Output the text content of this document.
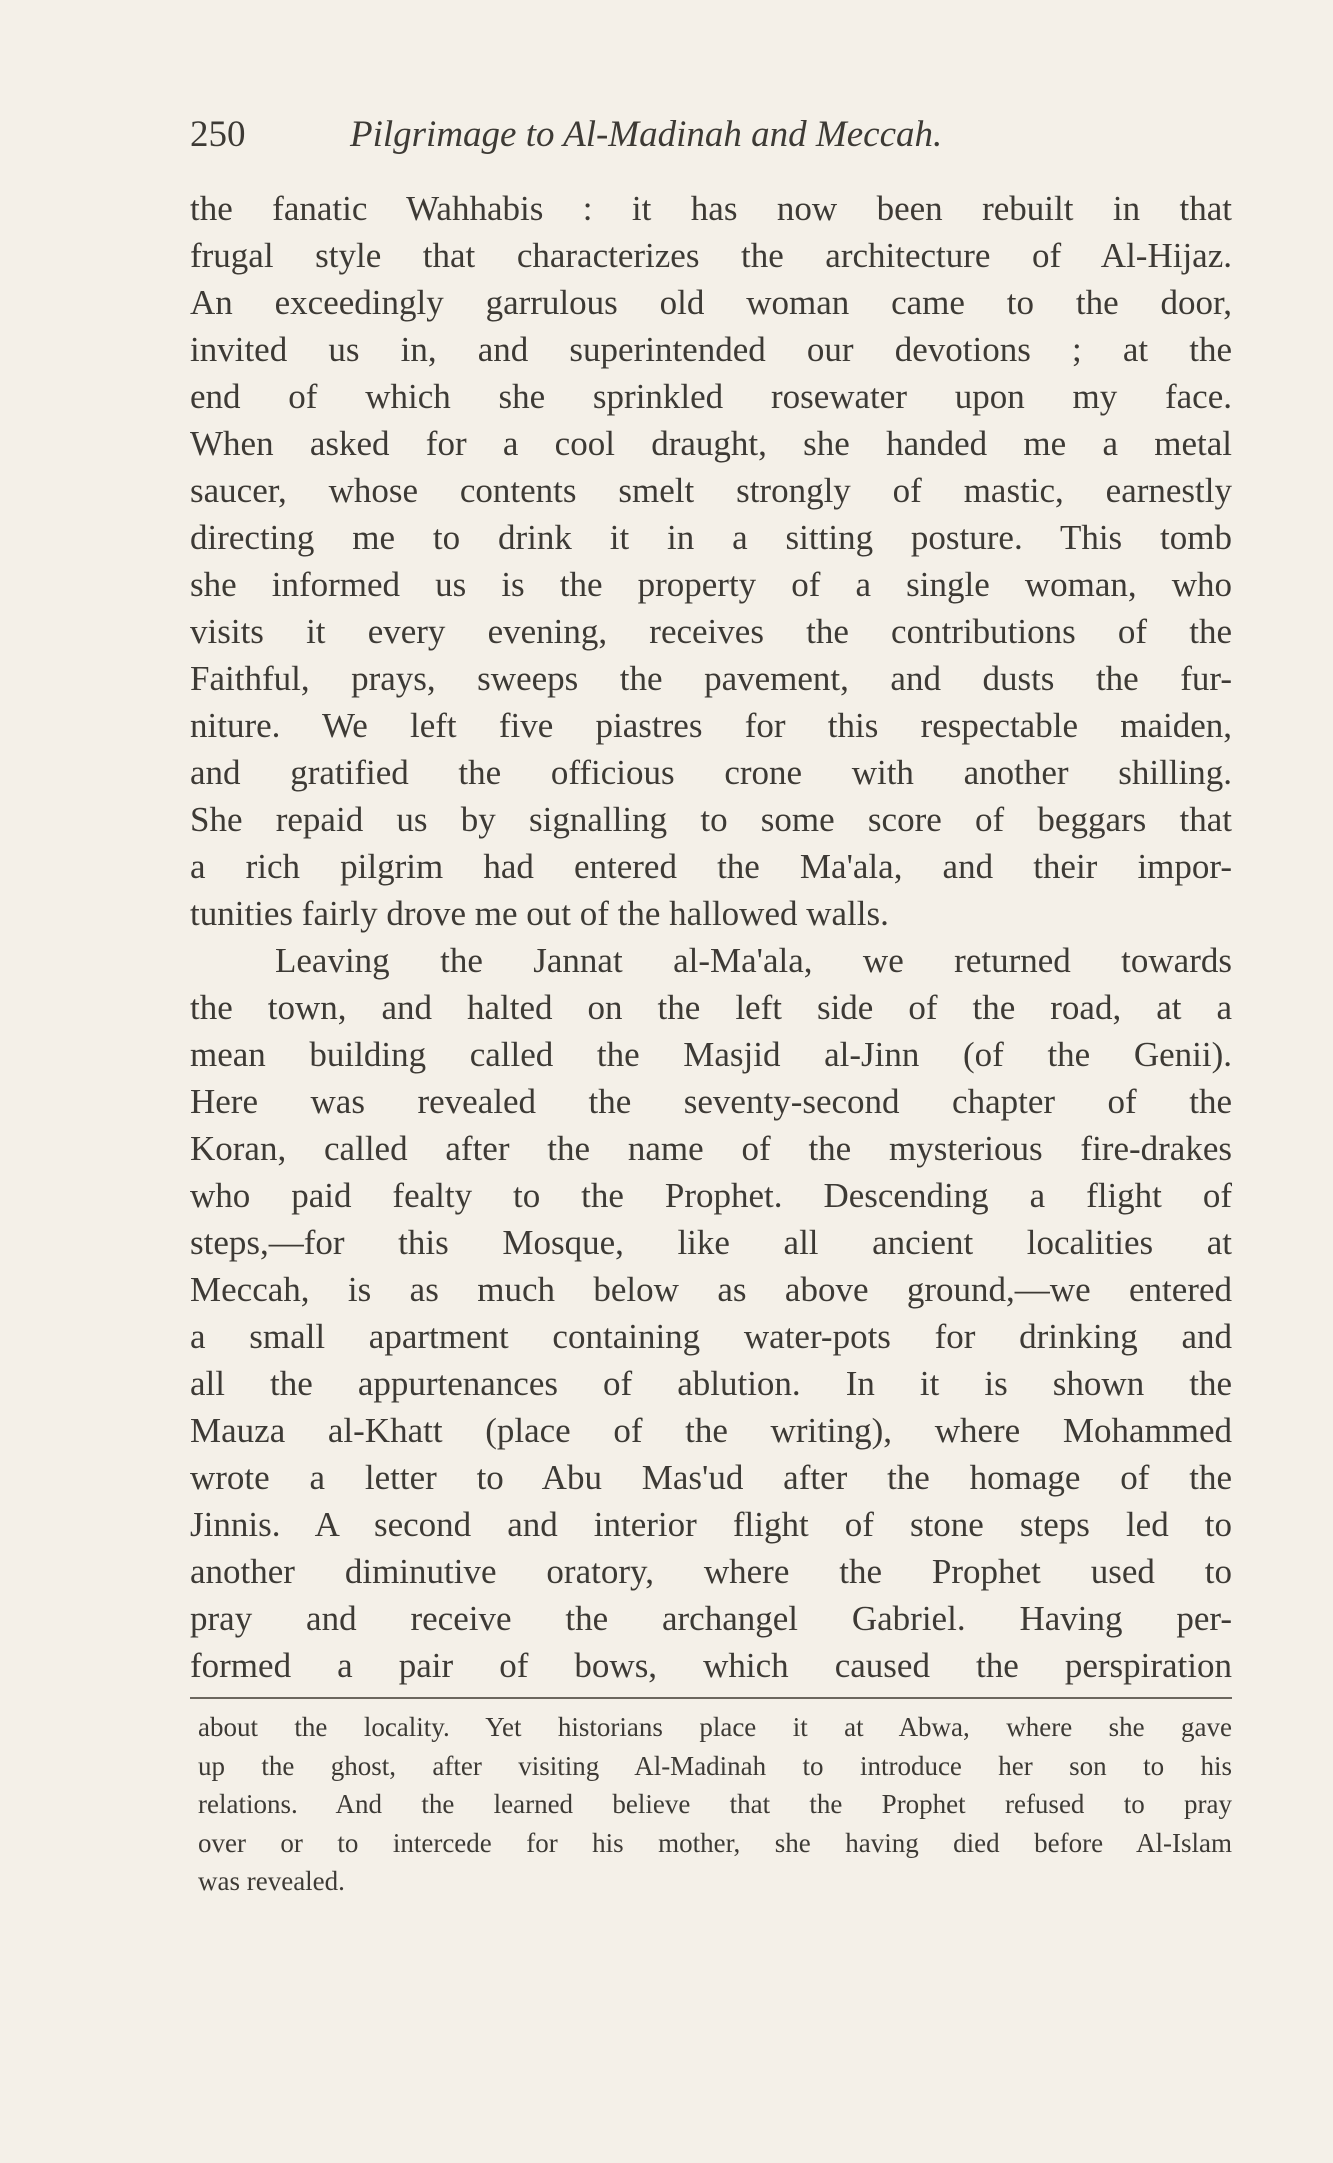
250	Pilgrimage to Al-Madinah and Meccah.
the fanatic Wahhabis : it has now been rebuilt in that
frugal style that characterizes the architecture of Al-Hijaz.
An exceedingly garrulous old woman came to the door,
invited us in, and superintended our devotions ; at the
end of which she sprinkled rosewater upon my face.
When asked for a cool draught, she handed me a metal
saucer, whose contents smelt strongly of mastic, earnestly
directing me to drink it in a sitting posture. This tomb
she informed us is the property of a single woman, who
visits it every evening, receives the contributions of the
Faithful, prays, sweeps the pavement, and dusts the fur-
niture. We left five piastres for this respectable maiden,
and gratified the officious crone with another shilling.
She repaid us by signalling to some score of beggars that
a rich pilgrim had entered the Ma'ala, and their impor-
tunities fairly drove me out of the hallowed walls.
Leaving the Jannat al-Ma'ala, we returned towards
the town, and halted on the left side of the road, at a
mean building called the Masjid al-Jinn (of the Genii).
Here was revealed the seventy-second chapter of the
Koran, called after the name of the mysterious fire-drakes
who paid fealty to the Prophet. Descending a flight of
steps,—for this Mosque, like all ancient localities at
Meccah, is as much below as above ground,—we entered
a small apartment containing water-pots for drinking and
all the appurtenances of ablution. In it is shown the
Mauza al-Khatt (place of the writing), where Mohammed
wrote a letter to Abu Mas'ud after the homage of the
Jinnis. A second and interior flight of stone steps led to
another diminutive oratory, where the Prophet used to
pray and receive the archangel Gabriel. Having per-
formed a pair of bows, which caused the perspiration
about the locality. Yet historians place it at Abwa, where she gave
up the ghost, after visiting Al-Madinah to introduce her son to his
relations. And the learned believe that the Prophet refused to pray
over or to intercede for his mother, she having died before Al-Islam
was revealed.
